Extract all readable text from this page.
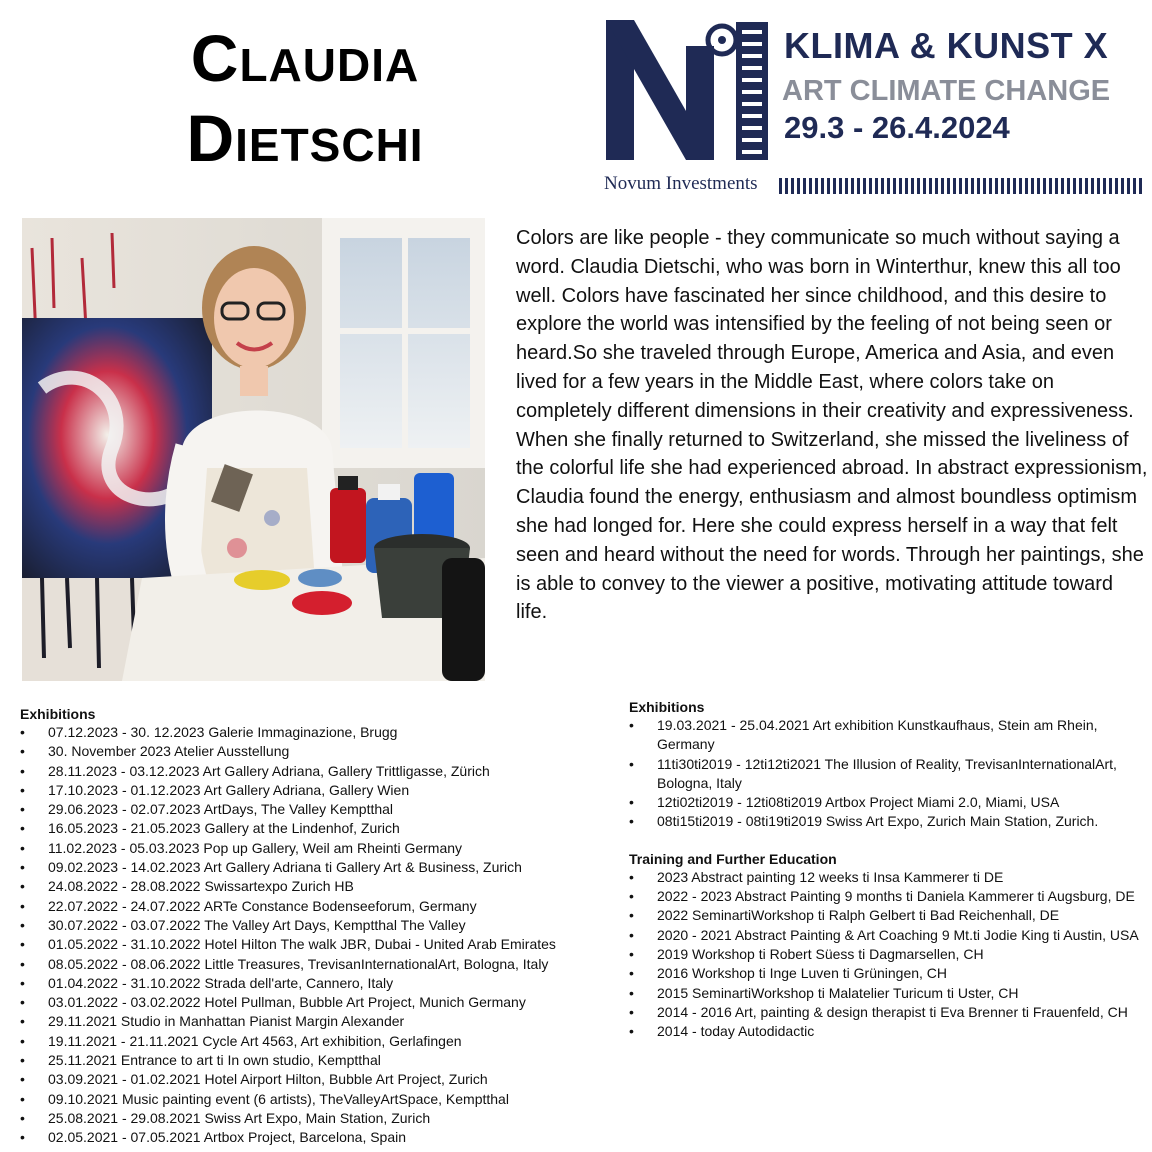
Claudia
Dietschi
KLIMA & KUNST X
ART CLIMATE CHANGE
29.3 - 26.4.2024
Novum Investments

Colors are like people - they communicate so much without saying a word. Claudia Dietschi, who was born in Winterthur, knew this all too well. Colors have fascinated her since childhood, and this desire to explore the world was intensified by the feeling of not being seen or heard.So she traveled through Europe, America and Asia, and even lived for a few years in the Middle East, where colors take on completely different dimensions in their creativity and expressiveness. When she finally returned to Switzerland, she missed the liveliness of the colorful life she had experienced abroad. In abstract expressionism, Claudia found the energy, enthusiasm and almost boundless optimism she had longed for. Here she could express herself in a way that felt seen and heard without the need for words. Through her paintings, she is able to convey to the viewer a positive, motivating attitude toward life.

Exhibitions
• 07.12.2023 - 30. 12.2023 Galerie Immaginazione, Brugg
• 30. November 2023 Atelier Ausstellung
• 28.11.2023 - 03.12.2023 Art Gallery Adriana, Gallery Trittligasse, Zürich
• 17.10.2023 - 01.12.2023 Art Gallery Adriana, Gallery Wien
• 29.06.2023 - 02.07.2023 ArtDays, The Valley Kemptthal
• 16.05.2023 - 21.05.2023 Gallery at the Lindenhof, Zurich
• 11.02.2023 - 05.03.2023 Pop up Gallery, Weil am Rheinti Germany
• 09.02.2023 - 14.02.2023 Art Gallery Adriana ti Gallery Art & Business, Zurich
• 24.08.2022 - 28.08.2022 Swissartexpo Zurich HB
• 22.07.2022 - 24.07.2022 ARTe Constance Bodenseeforum, Germany
• 30.07.2022 - 03.07.2022 The Valley Art Days, Kemptthal The Valley
• 01.05.2022 - 31.10.2022 Hotel Hilton The walk JBR, Dubai - United Arab Emirates
• 08.05.2022 - 08.06.2022 Little Treasures, TrevisanInternationalArt, Bologna, Italy
• 01.04.2022 - 31.10.2022 Strada dell'arte, Cannero, Italy
• 03.01.2022 - 03.02.2022 Hotel Pullman, Bubble Art Project, Munich Germany
• 29.11.2021 Studio in Manhattan Pianist Margin Alexander
• 19.11.2021 - 21.11.2021 Cycle Art 4563, Art exhibition, Gerlafingen
• 25.11.2021 Entrance to art ti In own studio, Kemptthal
• 03.09.2021 - 01.02.2021 Hotel Airport Hilton, Bubble Art Project, Zurich
• 09.10.2021 Music painting event (6 artists), TheValleyArtSpace, Kemptthal
• 25.08.2021 - 29.08.2021 Swiss Art Expo, Main Station, Zurich
• 02.05.2021 - 07.05.2021 Artbox Project, Barcelona, Spain
Exhibitions
• 19.03.2021 - 25.04.2021 Art exhibition Kunstkaufhaus, Stein am Rhein, Germany
• 11ti30ti2019 - 12ti12ti2021 The Illusion of Reality, TrevisanInternationalArt, Bologna, Italy
• 12ti02ti2019 - 12ti08ti2019 Artbox Project Miami 2.0, Miami, USA
• 08ti15ti2019 - 08ti19ti2019 Swiss Art Expo, Zurich Main Station, Zurich.
Training and Further Education
• 2023 Abstract painting 12 weeks ti Insa Kammerer ti DE
• 2022 - 2023 Abstract Painting 9 months ti Daniela Kammerer ti Augsburg, DE
• 2022 SeminartiWorkshop ti Ralph Gelbert ti Bad Reichenhall, DE
• 2020 - 2021 Abstract Painting & Art Coaching 9 Mt.ti Jodie King ti Austin, USA
• 2019 Workshop ti Robert Süess ti Dagmarsellen, CH
• 2016 Workshop ti Inge Luven ti Grüningen, CH
• 2015 SeminartiWorkshop ti Malatelier Turicum ti Uster, CH
• 2014 - 2016 Art, painting & design therapist ti Eva Brenner ti Frauenfeld, CH
• 2014 - today Autodidactic
